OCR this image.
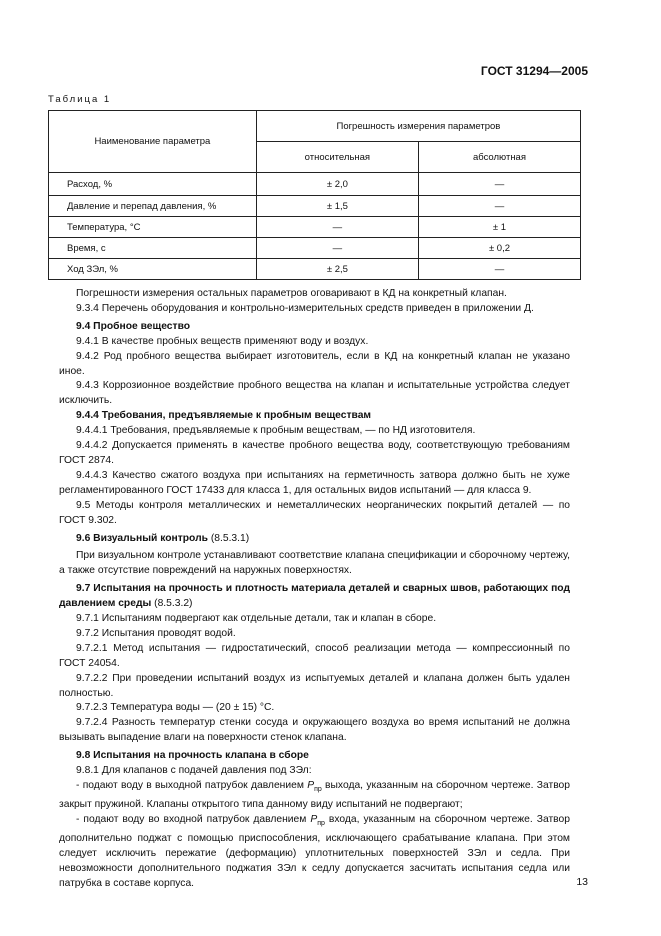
ГОСТ 31294—2005
Таблица 1
Наименование параметра	Погрешность измерения параметров	
	относительная	абсолютная
Расход, %	± 2,0	—
Давление и перепад давления, %	± 1,5	—
Температура, °С	—	± 1
Время, с	—	± 0,2
Ход ЗЭл, %	± 2,5	—

Погрешности измерения остальных параметров оговаривают в КД на конкретный клапан.

9.3.4 Перечень оборудования и контрольно-измерительных средств приведен в приложении Д.

9.4 Пробное вещество

9.4.1 В качестве пробных веществ применяют воду и воздух.

9.4.2 Род пробного вещества выбирает изготовитель, если в КД на конкретный клапан не указано иное.

9.4.3 Коррозионное воздействие пробного вещества на клапан и испытательные устройства следует исключить.

9.4.4 Требования, предъявляемые к пробным веществам

9.4.4.1 Требования, предъявляемые к пробным веществам, — по НД изготовителя.

9.4.4.2 Допускается применять в качестве пробного вещества воду, соответствующую требованиям ГОСТ 2874.

9.4.4.3 Качество сжатого воздуха при испытаниях на герметичность затвора должно быть не хуже регламентированного ГОСТ 17433 для класса 1, для остальных видов испытаний — для класса 9.

9.5 Методы контроля металлических и неметаллических неорганических покрытий деталей — по ГОСТ 9.302.

9.6 Визуальный контроль (8.5.3.1)

При визуальном контроле устанавливают соответствие клапана спецификации и сборочному чертежу, а также отсутствие повреждений на наружных поверхностях.

9.7 Испытания на прочность и плотность материала деталей и сварных швов, работающих под давлением среды (8.5.3.2)

9.7.1 Испытаниям подвергают как отдельные детали, так и клапан в сборе.

9.7.2 Испытания проводят водой.

9.7.2.1 Метод испытания — гидростатический, способ реализации метода — компрессионный по ГОСТ 24054.

9.7.2.2 При проведении испытаний воздух из испытуемых деталей и клапана должен быть удален полностью.

9.7.2.3 Температура воды — (20 ± 15) °С.

9.7.2.4 Разность температур стенки сосуда и окружающего воздуха во время испытаний не должна вызывать выпадение влаги на поверхности стенок клапана.

9.8 Испытания на прочность клапана в сборе

9.8.1 Для клапанов с подачей давления под ЗЭл:

- подают воду в выходной патрубок давлением $P_{пр}$ выхода, указанным на сборочном чертеже. Затвор закрыт пружиной. Клапаны открытого типа данному виду испытаний не подвергают;

- подают воду во входной патрубок давлением $P_{пр}$ входа, указанным на сборочном чертеже. Затвор дополнительно поджат с помощью приспособления, исключающего срабатывание клапана. При этом следует исключить пережатие (деформацию) уплотнительных поверхностей ЗЭл и седла. При невозможности дополнительного поджатия ЗЭл к седлу допускается засчитать испытания седла или патрубка в составе корпуса.	13
